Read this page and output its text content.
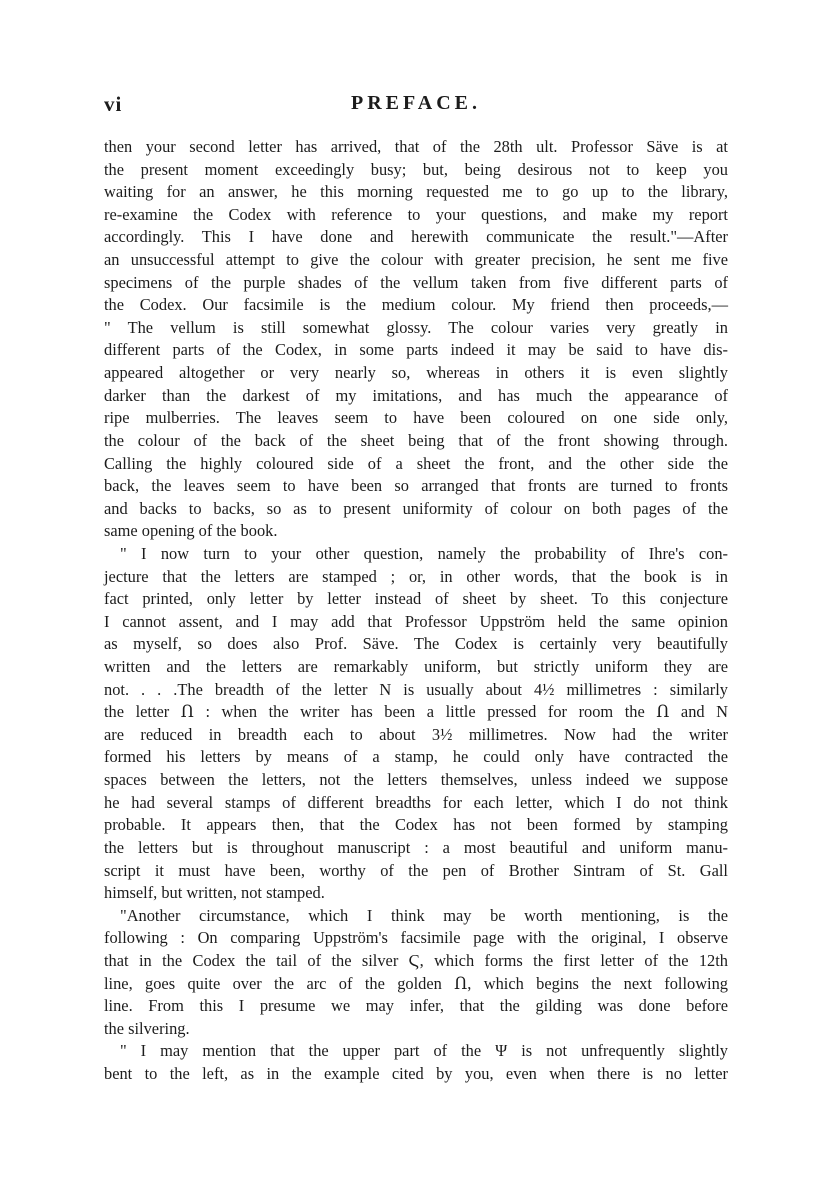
vi	PREFACE.
then your second letter has arrived, that of the 28th ult. Professor Säve is at
the present moment exceedingly busy; but, being desirous not to keep you
waiting for an answer, he this morning requested me to go up to the library,
re-examine the Codex with reference to your questions, and make my report
accordingly. This I have done and herewith communicate the result."—After
an unsuccessful attempt to give the colour with greater precision, he sent me five
specimens of the purple shades of the vellum taken from five different parts of
the Codex. Our facsimile is the medium colour. My friend then proceeds,—
" The vellum is still somewhat glossy. The colour varies very greatly in
different parts of the Codex, in some parts indeed it may be said to have dis-
appeared altogether or very nearly so, whereas in others it is even slightly
darker than the darkest of my imitations, and has much the appearance of
ripe mulberries. The leaves seem to have been coloured on one side only,
the colour of the back of the sheet being that of the front showing through.
Calling the highly coloured side of a sheet the front, and the other side the
back, the leaves seem to have been so arranged that fronts are turned to fronts
and backs to backs, so as to present uniformity of colour on both pages of the
same opening of the book.
" I now turn to your other question, namely the probability of Ihre's con-
jecture that the letters are stamped ; or, in other words, that the book is in
fact printed, only letter by letter instead of sheet by sheet. To this conjecture
I cannot assent, and I may add that Professor Uppström held the same opinion
as myself, so does also Prof. Säve. The Codex is certainly very beautifully
written and the letters are remarkably uniform, but strictly uniform they are
not. . . .The breadth of the letter Ν is usually about 4½ millimetres : similarly
the letter Ո : when the writer has been a little pressed for room the Ո and Ν
are reduced in breadth each to about 3½ millimetres. Now had the writer
formed his letters by means of a stamp, he could only have contracted the
spaces between the letters, not the letters themselves, unless indeed we suppose
he had several stamps of different breadths for each letter, which I do not think
probable. It appears then, that the Codex has not been formed by stamping
the letters but is throughout manuscript : a most beautiful and uniform manu-
script it must have been, worthy of the pen of Brother Sintram of St. Gall
himself, but written, not stamped.
"Another circumstance, which I think may be worth mentioning, is the
following : On comparing Uppström's facsimile page with the original, I observe
that in the Codex the tail of the silver Ϛ, which forms the first letter of the 12th
line, goes quite over the arc of the golden Ո, which begins the next following
line. From this I presume we may infer, that the gilding was done before
the silvering.
" I may mention that the upper part of the Ψ is not unfrequently slightly
bent to the left, as in the example cited by you, even when there is no letter
